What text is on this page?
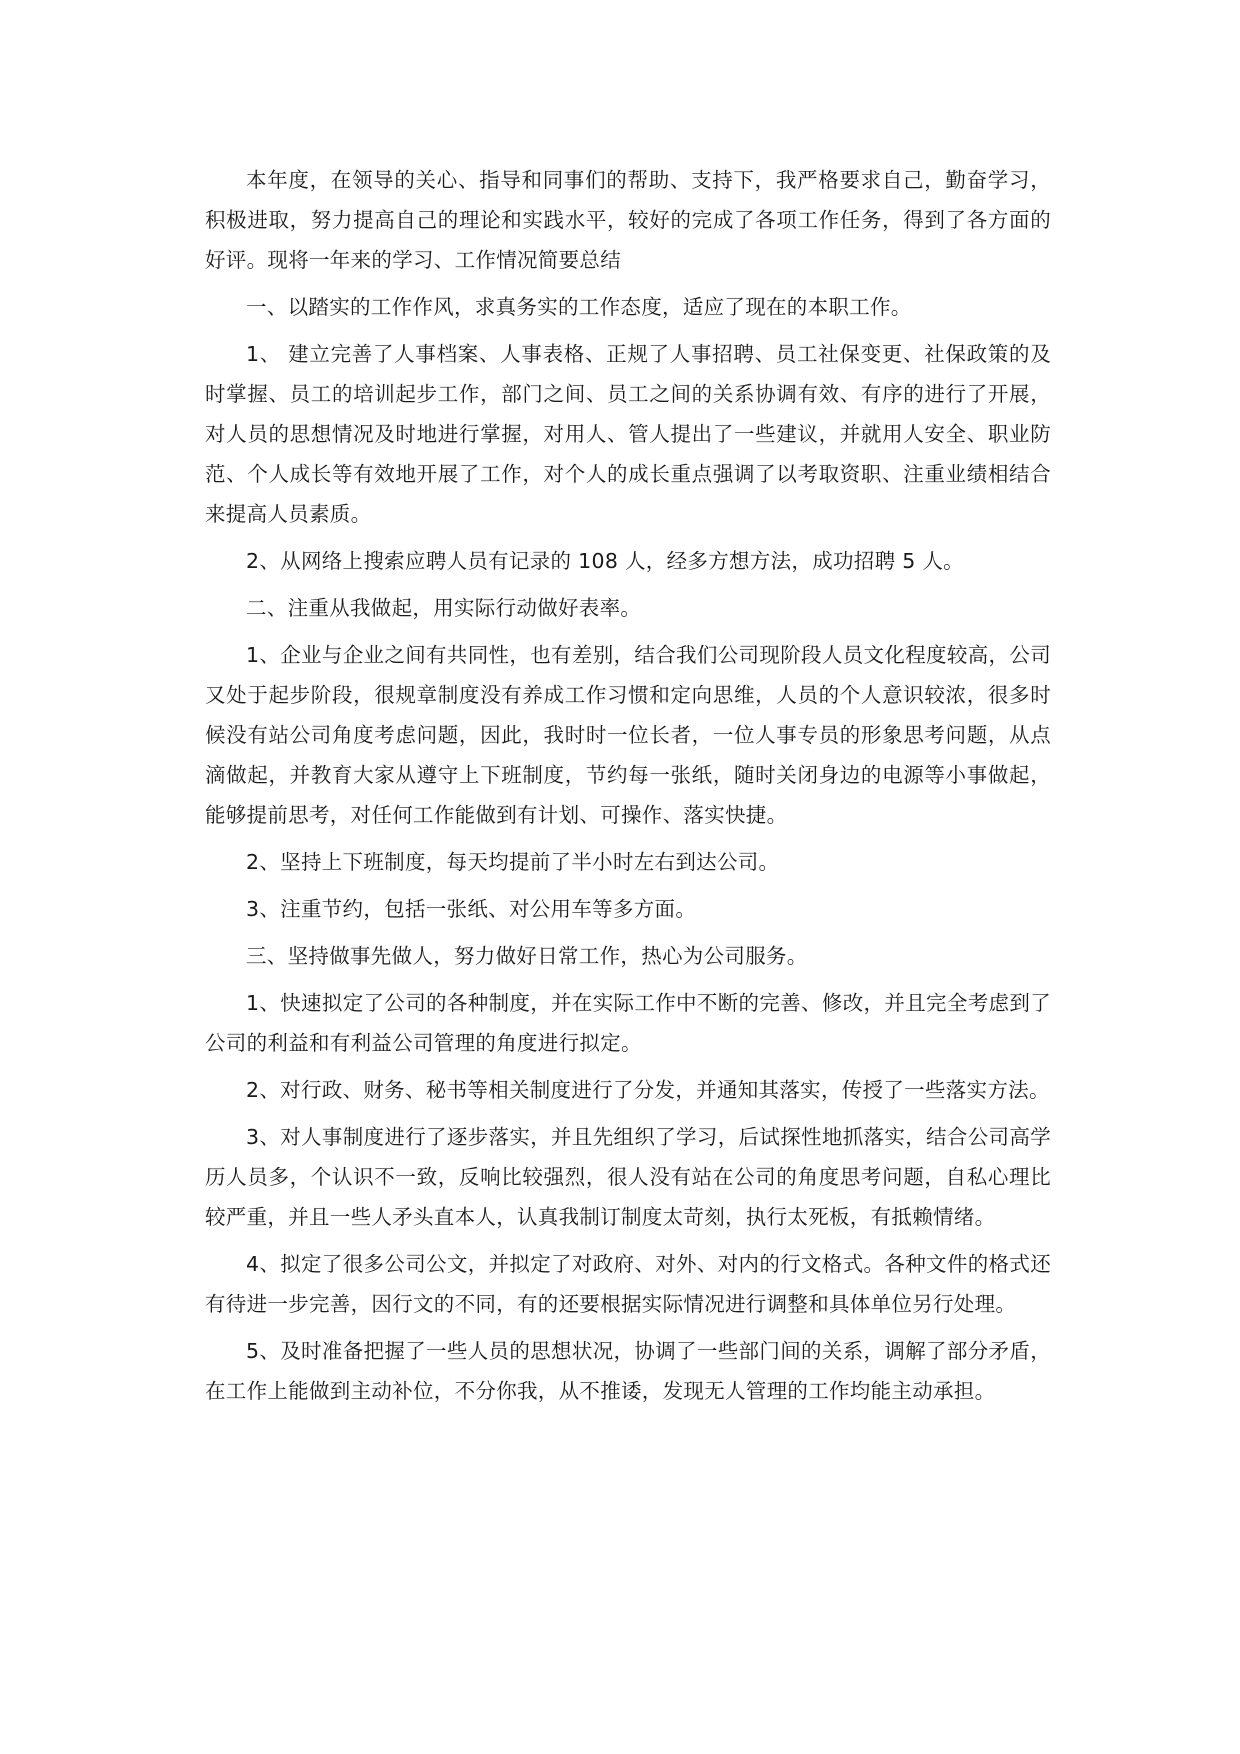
本年度，在领导的关心、指导和同事们的帮助、支持下，我严格要求自己，勤奋学习，积极进取，努力提高自己的理论和实践水平，较好的完成了各项工作任务，得到了各方面的好评。现将一年来的学习、工作情况简要总结

一、以踏实的工作作风，求真务实的工作态度，适应了现在的本职工作。

1、 建立完善了人事档案、人事表格、正规了人事招聘、员工社保变更、社保政策的及时掌握、员工的培训起步工作，部门之间、员工之间的关系协调有效、有序的进行了开展，对人员的思想情况及时地进行掌握，对用人、管人提出了一些建议，并就用人安全、职业防范、个人成长等有效地开展了工作，对个人的成长重点强调了以考取资职、注重业绩相结合来提高人员素质。

2、从网络上搜索应聘人员有记录的 108 人，经多方想方法，成功招聘 5 人。

二、注重从我做起，用实际行动做好表率。

1、企业与企业之间有共同性，也有差别，结合我们公司现阶段人员文化程度较高，公司又处于起步阶段，很规章制度没有养成工作习惯和定向思维，人员的个人意识较浓，很多时候没有站公司角度考虑问题，因此，我时时一位长者，一位人事专员的形象思考问题，从点滴做起，并教育大家从遵守上下班制度，节约每一张纸，随时关闭身边的电源等小事做起，能够提前思考，对任何工作能做到有计划、可操作、落实快捷。

2、坚持上下班制度，每天均提前了半小时左右到达公司。

3、注重节约，包括一张纸、对公用车等多方面。

三、坚持做事先做人，努力做好日常工作，热心为公司服务。

1、快速拟定了公司的各种制度，并在实际工作中不断的完善、修改，并且完全考虑到了公司的利益和有利益公司管理的角度进行拟定。

2、对行政、财务、秘书等相关制度进行了分发，并通知其落实，传授了一些落实方法。

3、对人事制度进行了逐步落实，并且先组织了学习，后试探性地抓落实，结合公司高学历人员多，个认识不一致，反响比较强烈，很人没有站在公司的角度思考问题，自私心理比较严重，并且一些人矛头直本人，认真我制订制度太苛刻，执行太死板，有抵赖情绪。

4、拟定了很多公司公文，并拟定了对政府、对外、对内的行文格式。各种文件的格式还有待进一步完善，因行文的不同，有的还要根据实际情况进行调整和具体单位另行处理。

5、及时准备把握了一些人员的思想状况，协调了一些部门间的关系，调解了部分矛盾，在工作上能做到主动补位，不分你我，从不推诿，发现无人管理的工作均能主动承担。
